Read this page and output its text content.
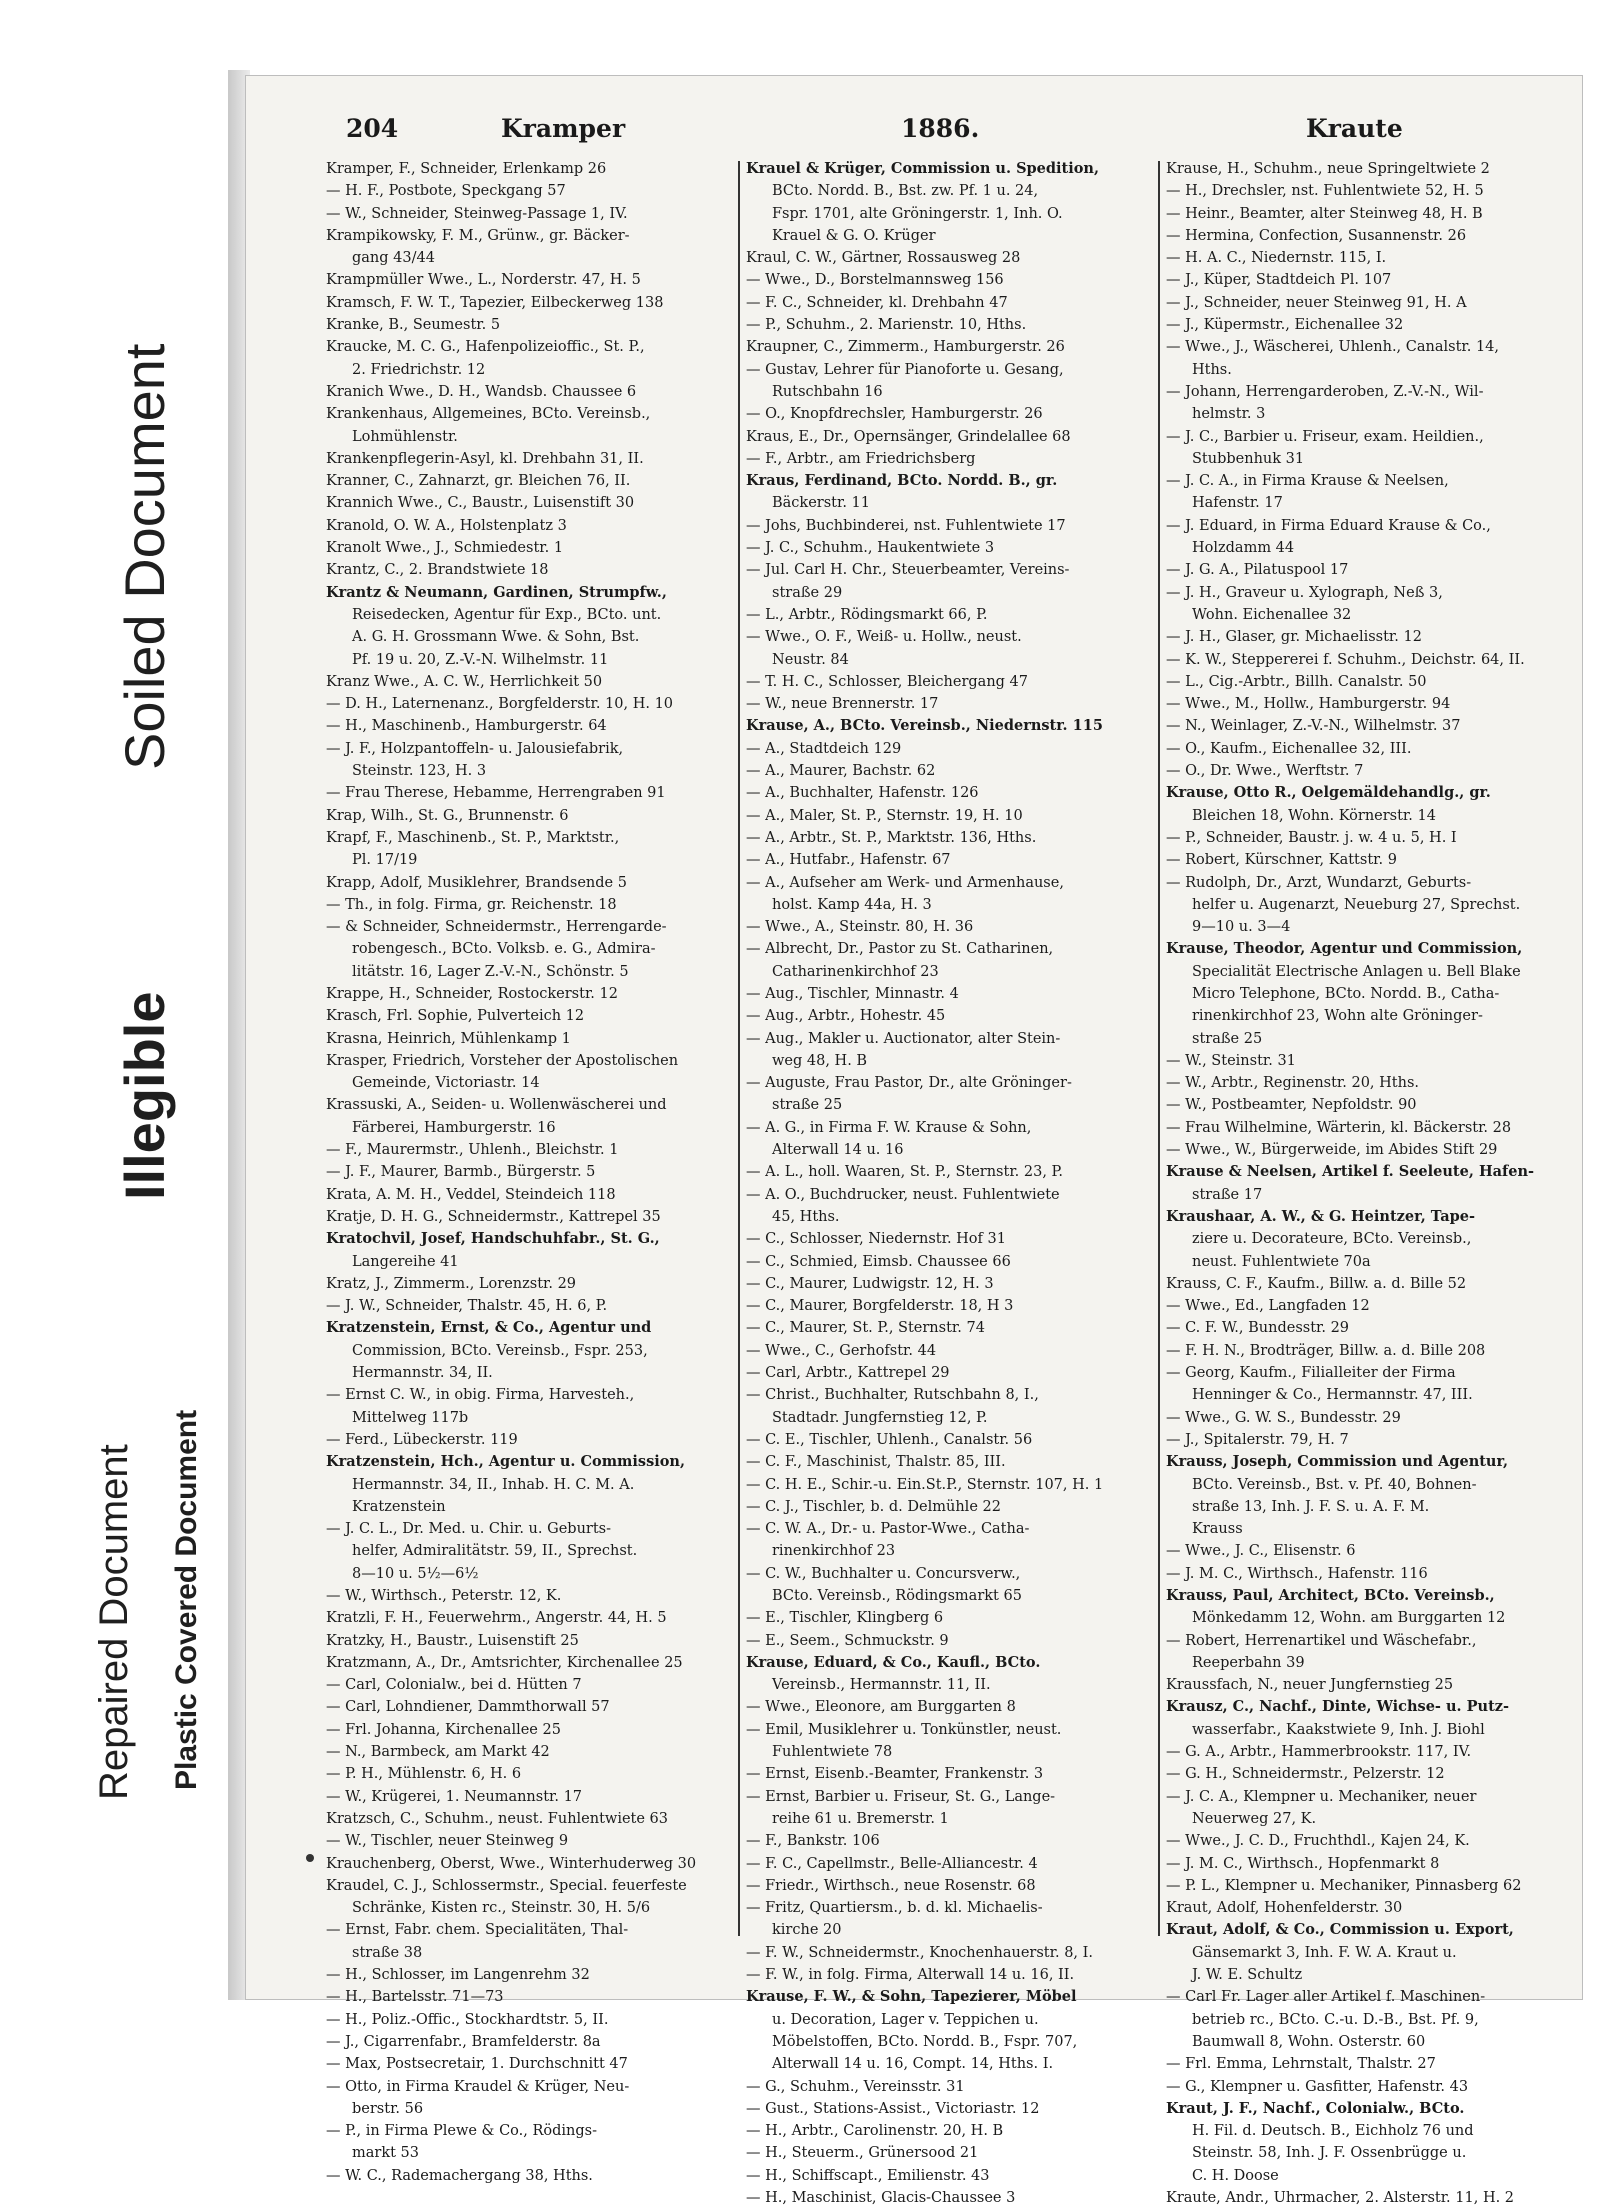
Soiled Document
Illegible
Repaired Document Plastic Covered Document
204	Kramper	1886.	Kraute
Kramper, F., Schneider, Erlenkamp 26
— H. F., Postbote, Speckgang 57
— W., Schneider, Steinweg-Passage 1, IV.
Krampikowsky, F. M., Grünw., gr. Bäcker-
gang 43/44
Krampmüller Wwe., L., Norderstr. 47, H. 5
Kramsch, F. W. T., Tapezier, Eilbeckerweg 138
Kranke, B., Seumestr. 5
Kraucke, M. C. G., Hafenpolizeioffic., St. P.,
2. Friedrichstr. 12
Kranich Wwe., D. H., Wandsb. Chaussee 6
Krankenhaus, Allgemeines, BCto. Vereinsb.,
Lohmühlenstr.
Krankenpflegerin-Asyl, kl. Drehbahn 31, II.
Kranner, C., Zahnarzt, gr. Bleichen 76, II.
Krannich Wwe., C., Baustr., Luisenstift 30
Kranold, O. W. A., Holstenplatz 3
Kranolt Wwe., J., Schmiedestr. 1
Krantz, C., 2. Brandstwiete 18
Krantz & Neumann, Gardinen, Strumpfw.,
Reisedecken, Agentur für Exp., BCto. unt.
A. G. H. Grossmann Wwe. & Sohn, Bst.
Pf. 19 u. 20, Z.-V.-N. Wilhelmstr. 11
Kranz Wwe., A. C. W., Herrlichkeit 50
— D. H., Laternenanz., Borgfelderstr. 10, H. 10
— H., Maschinenb., Hamburgerstr. 64
— J. F., Holzpantoffeln- u. Jalousiefabrik,
Steinstr. 123, H. 3
— Frau Therese, Hebamme, Herrengraben 91
Krap, Wilh., St. G., Brunnenstr. 6
Krapf, F., Maschinenb., St. P., Marktstr.,
Pl. 17/19
Krapp, Adolf, Musiklehrer, Brandsende 5
— Th., in folg. Firma, gr. Reichenstr. 18
— & Schneider, Schneidermstr., Herrengarde-
robengesch., BCto. Volksb. e. G., Admira-
litätstr. 16, Lager Z.-V.-N., Schönstr. 5
Krappe, H., Schneider, Rostockerstr. 12
Krasch, Frl. Sophie, Pulverteich 12
Krasna, Heinrich, Mühlenkamp 1
Krasper, Friedrich, Vorsteher der Apostolischen
Gemeinde, Victoriastr. 14
Krassuski, A., Seiden- u. Wollenwäscherei und
Färberei, Hamburgerstr. 16
— F., Maurermstr., Uhlenh., Bleichstr. 1
— J. F., Maurer, Barmb., Bürgerstr. 5
Krata, A. M. H., Veddel, Steindeich 118
Kratje, D. H. G., Schneidermstr., Kattrepel 35
Kratochvil, Josef, Handschuhfabr., St. G.,
Langereihe 41
Kratz, J., Zimmerm., Lorenzstr. 29
— J. W., Schneider, Thalstr. 45, H. 6, P.
Kratzenstein, Ernst, & Co., Agentur und
Commission, BCto. Vereinsb., Fspr. 253,
Hermannstr. 34, II.
— Ernst C. W., in obig. Firma, Harvesteh.,
Mittelweg 117b
— Ferd., Lübeckerstr. 119
Kratzenstein, Hch., Agentur u. Commission,
Hermannstr. 34, II., Inhab. H. C. M. A.
Kratzenstein
— J. C. L., Dr. Med. u. Chir. u. Geburts-
helfer, Admiralitätstr. 59, II., Sprechst.
8—10 u. 5½—6½
— W., Wirthsch., Peterstr. 12, K.
Kratzli, F. H., Feuerwehrm., Angerstr. 44, H. 5
Kratzky, H., Baustr., Luisenstift 25
Kratzmann, A., Dr., Amtsrichter, Kirchenallee 25
— Carl, Colonialw., bei d. Hütten 7
— Carl, Lohndiener, Dammthorwall 57
— Frl. Johanna, Kirchenallee 25
— N., Barmbeck, am Markt 42
— P. H., Mühlenstr. 6, H. 6
— W., Krügerei, 1. Neumannstr. 17
Kratzsch, C., Schuhm., neust. Fuhlentwiete 63
— W., Tischler, neuer Steinweg 9
Krauchenberg, Oberst, Wwe., Winterhuderweg 30
Kraudel, C. J., Schlossermstr., Special. feuerfeste
Schränke, Kisten rc., Steinstr. 30, H. 5/6
— Ernst, Fabr. chem. Specialitäten, Thal-
straße 38
— H., Schlosser, im Langenrehm 32
— H., Bartelsstr. 71—73
— H., Poliz.-Offic., Stockhardtstr. 5, II.
— J., Cigarrenfabr., Bramfelderstr. 8a
— Max, Postsecretair, 1. Durchschnitt 47
— Otto, in Firma Kraudel & Krüger, Neu-
berstr. 56
— P., in Firma Plewe & Co., Rödings-
markt 53
— W. C., Rademachergang 38, Hths.
Krauel & Krüger, Commission u. Spedition,
BCto. Nordd. B., Bst. zw. Pf. 1 u. 24,
Fspr. 1701, alte Gröningerstr. 1, Inh. O.
Krauel & G. O. Krüger
Kraul, C. W., Gärtner, Rossausweg 28
— Wwe., D., Borstelmannsweg 156
— F. C., Schneider, kl. Drehbahn 47
— P., Schuhm., 2. Marienstr. 10, Hths.
Kraupner, C., Zimmerm., Hamburgerstr. 26
— Gustav, Lehrer für Pianoforte u. Gesang,
Rutschbahn 16
— O., Knopfdrechsler, Hamburgerstr. 26
Kraus, E., Dr., Opernsänger, Grindelallee 68
— F., Arbtr., am Friedrichsberg
Kraus, Ferdinand, BCto. Nordd. B., gr.
Bäckerstr. 11
— Johs, Buchbinderei, nst. Fuhlentwiete 17
— J. C., Schuhm., Haukentwiete 3
— Jul. Carl H. Chr., Steuerbeamter, Vereins-
straße 29
— L., Arbtr., Rödingsmarkt 66, P.
— Wwe., O. F., Weiß- u. Hollw., neust.
Neustr. 84
— T. H. C., Schlosser, Bleichergang 47
— W., neue Brennerstr. 17
Krause, A., BCto. Vereinsb., Niedernstr. 115
— A., Stadtdeich 129
— A., Maurer, Bachstr. 62
— A., Buchhalter, Hafenstr. 126
— A., Maler, St. P., Sternstr. 19, H. 10
— A., Arbtr., St. P., Marktstr. 136, Hths.
— A., Hutfabr., Hafenstr. 67
— A., Aufseher am Werk- und Armenhause,
holst. Kamp 44a, H. 3
— Wwe., A., Steinstr. 80, H. 36
— Albrecht, Dr., Pastor zu St. Catharinen,
Catharinenkirchhof 23
— Aug., Tischler, Minnastr. 4
— Aug., Arbtr., Hohestr. 45
— Aug., Makler u. Auctionator, alter Stein-
weg 48, H. B
— Auguste, Frau Pastor, Dr., alte Gröninger-
straße 25
— A. G., in Firma F. W. Krause & Sohn,
Alterwall 14 u. 16
— A. L., holl. Waaren, St. P., Sternstr. 23, P.
— A. O., Buchdrucker, neust. Fuhlentwiete
45, Hths.
— C., Schlosser, Niedernstr. Hof 31
— C., Schmied, Eimsb. Chaussee 66
— C., Maurer, Ludwigstr. 12, H. 3
— C., Maurer, Borgfelderstr. 18, H 3
— C., Maurer, St. P., Sternstr. 74
— Wwe., C., Gerhofstr. 44
— Carl, Arbtr., Kattrepel 29
— Christ., Buchhalter, Rutschbahn 8, I.,
Stadtadr. Jungfernstieg 12, P.
— C. E., Tischler, Uhlenh., Canalstr. 56
— C. F., Maschinist, Thalstr. 85, III.
— C. H. E., Schir.-u. Ein.St.P., Sternstr. 107, H. 1
— C. J., Tischler, b. d. Delmühle 22
— C. W. A., Dr.- u. Pastor-Wwe., Catha-
rinenkirchhof 23
— C. W., Buchhalter u. Concursverw.,
BCto. Vereinsb., Rödingsmarkt 65
— E., Tischler, Klingberg 6
— E., Seem., Schmuckstr. 9
Krause, Eduard, & Co., Kaufl., BCto.
Vereinsb., Hermannstr. 11, II.
— Wwe., Eleonore, am Burggarten 8
— Emil, Musiklehrer u. Tonkünstler, neust.
Fuhlentwiete 78
— Ernst, Eisenb.-Beamter, Frankenstr. 3
— Ernst, Barbier u. Friseur, St. G., Lange-
reihe 61 u. Bremerstr. 1
— F., Bankstr. 106
— F. C., Capellmstr., Belle-Alliancestr. 4
— Friedr., Wirthsch., neue Rosenstr. 68
— Fritz, Quartiersm., b. d. kl. Michaelis-
kirche 20
— F. W., Schneidermstr., Knochenhauerstr. 8, I.
— F. W., in folg. Firma, Alterwall 14 u. 16, II.
Krause, F. W., & Sohn, Tapezierer, Möbel
u. Decoration, Lager v. Teppichen u.
Möbelstoffen, BCto. Nordd. B., Fspr. 707,
Alterwall 14 u. 16, Compt. 14, Hths. I.
— G., Schuhm., Vereinsstr. 31
— Gust., Stations-Assist., Victoriastr. 12
— H., Arbtr., Carolinenstr. 20, H. B
— H., Steuerm., Grünersood 21
— H., Schiffscapt., Emilienstr. 43
— H., Maschinist, Glacis-Chaussee 3
Krause, H., Schuhm., neue Springeltwiete 2
— H., Drechsler, nst. Fuhlentwiete 52, H. 5
— Heinr., Beamter, alter Steinweg 48, H. B
— Hermina, Confection, Susannenstr. 26
— H. A. C., Niedernstr. 115, I.
— J., Küper, Stadtdeich Pl. 107
— J., Schneider, neuer Steinweg 91, H. A
— J., Küpermstr., Eichenallee 32
— Wwe., J., Wäscherei, Uhlenh., Canalstr. 14,
Hths.
— Johann, Herrengarderoben, Z.-V.-N., Wil-
helmstr. 3
— J. C., Barbier u. Friseur, exam. Heildien.,
Stubbenhuk 31
— J. C. A., in Firma Krause & Neelsen,
Hafenstr. 17
— J. Eduard, in Firma Eduard Krause & Co.,
Holzdamm 44
— J. G. A., Pilatuspool 17
— J. H., Graveur u. Xylograph, Neß 3,
Wohn. Eichenallee 32
— J. H., Glaser, gr. Michaelisstr. 12
— K. W., Steppererei f. Schuhm., Deichstr. 64, II.
— L., Cig.-Arbtr., Billh. Canalstr. 50
— Wwe., M., Hollw., Hamburgerstr. 94
— N., Weinlager, Z.-V.-N., Wilhelmstr. 37
— O., Kaufm., Eichenallee 32, III.
— O., Dr. Wwe., Werftstr. 7
Krause, Otto R., Oelgemäldehandlg., gr.
Bleichen 18, Wohn. Körnerstr. 14
— P., Schneider, Baustr. j. w. 4 u. 5, H. I
— Robert, Kürschner, Kattstr. 9
— Rudolph, Dr., Arzt, Wundarzt, Geburts-
helfer u. Augenarzt, Neueburg 27, Sprechst.
9—10 u. 3—4
Krause, Theodor, Agentur und Commission,
Specialität Electrische Anlagen u. Bell Blake
Micro Telephone, BCto. Nordd. B., Catha-
rinenkirchhof 23, Wohn alte Gröninger-
straße 25
— W., Steinstr. 31
— W., Arbtr., Reginenstr. 20, Hths.
— W., Postbeamter, Nepfoldstr. 90
— Frau Wilhelmine, Wärterin, kl. Bäckerstr. 28
— Wwe., W., Bürgerweide, im Abides Stift 29
Krause & Neelsen, Artikel f. Seeleute, Hafen-
straße 17
Kraushaar, A. W., & G. Heintzer, Tape-
ziere u. Decorateure, BCto. Vereinsb.,
neust. Fuhlentwiete 70a
Krauss, C. F., Kaufm., Billw. a. d. Bille 52
— Wwe., Ed., Langfaden 12
— C. F. W., Bundesstr. 29
— F. H. N., Brodträger, Billw. a. d. Bille 208
— Georg, Kaufm., Filialleiter der Firma
Henninger & Co., Hermannstr. 47, III.
— Wwe., G. W. S., Bundesstr. 29
— J., Spitalerstr. 79, H. 7
Krauss, Joseph, Commission und Agentur,
BCto. Vereinsb., Bst. v. Pf. 40, Bohnen-
straße 13, Inh. J. F. S. u. A. F. M.
Krauss
— Wwe., J. C., Elisenstr. 6
— J. M. C., Wirthsch., Hafenstr. 116
Krauss, Paul, Architect, BCto. Vereinsb.,
Mönkedamm 12, Wohn. am Burggarten 12
— Robert, Herrenartikel und Wäschefabr.,
Reeperbahn 39
Kraussfach, N., neuer Jungfernstieg 25
Krausz, C., Nachf., Dinte, Wichse- u. Putz-
wasserfabr., Kaakstwiete 9, Inh. J. Biohl
— G. A., Arbtr., Hammerbrookstr. 117, IV.
— G. H., Schneidermstr., Pelzerstr. 12
— J. C. A., Klempner u. Mechaniker, neuer
Neuerweg 27, K.
— Wwe., J. C. D., Fruchthdl., Kajen 24, K.
— J. M. C., Wirthsch., Hopfenmarkt 8
— P. L., Klempner u. Mechaniker, Pinnasberg 62
Kraut, Adolf, Hohenfelderstr. 30
Kraut, Adolf, & Co., Commission u. Export,
Gänsemarkt 3, Inh. F. W. A. Kraut u.
J. W. E. Schultz
— Carl Fr. Lager aller Artikel f. Maschinen-
betrieb rc., BCto. C.-u. D.-B., Bst. Pf. 9,
Baumwall 8, Wohn. Osterstr. 60
— Frl. Emma, Lehrnstalt, Thalstr. 27
— G., Klempner u. Gasfitter, Hafenstr. 43
Kraut, J. F., Nachf., Colonialw., BCto.
H. Fil. d. Deutsch. B., Eichholz 76 und
Steinstr. 58, Inh. J. F. Ossenbrügge u.
C. H. Doose
Kraute, Andr., Uhrmacher, 2. Alsterstr. 11, H. 2
